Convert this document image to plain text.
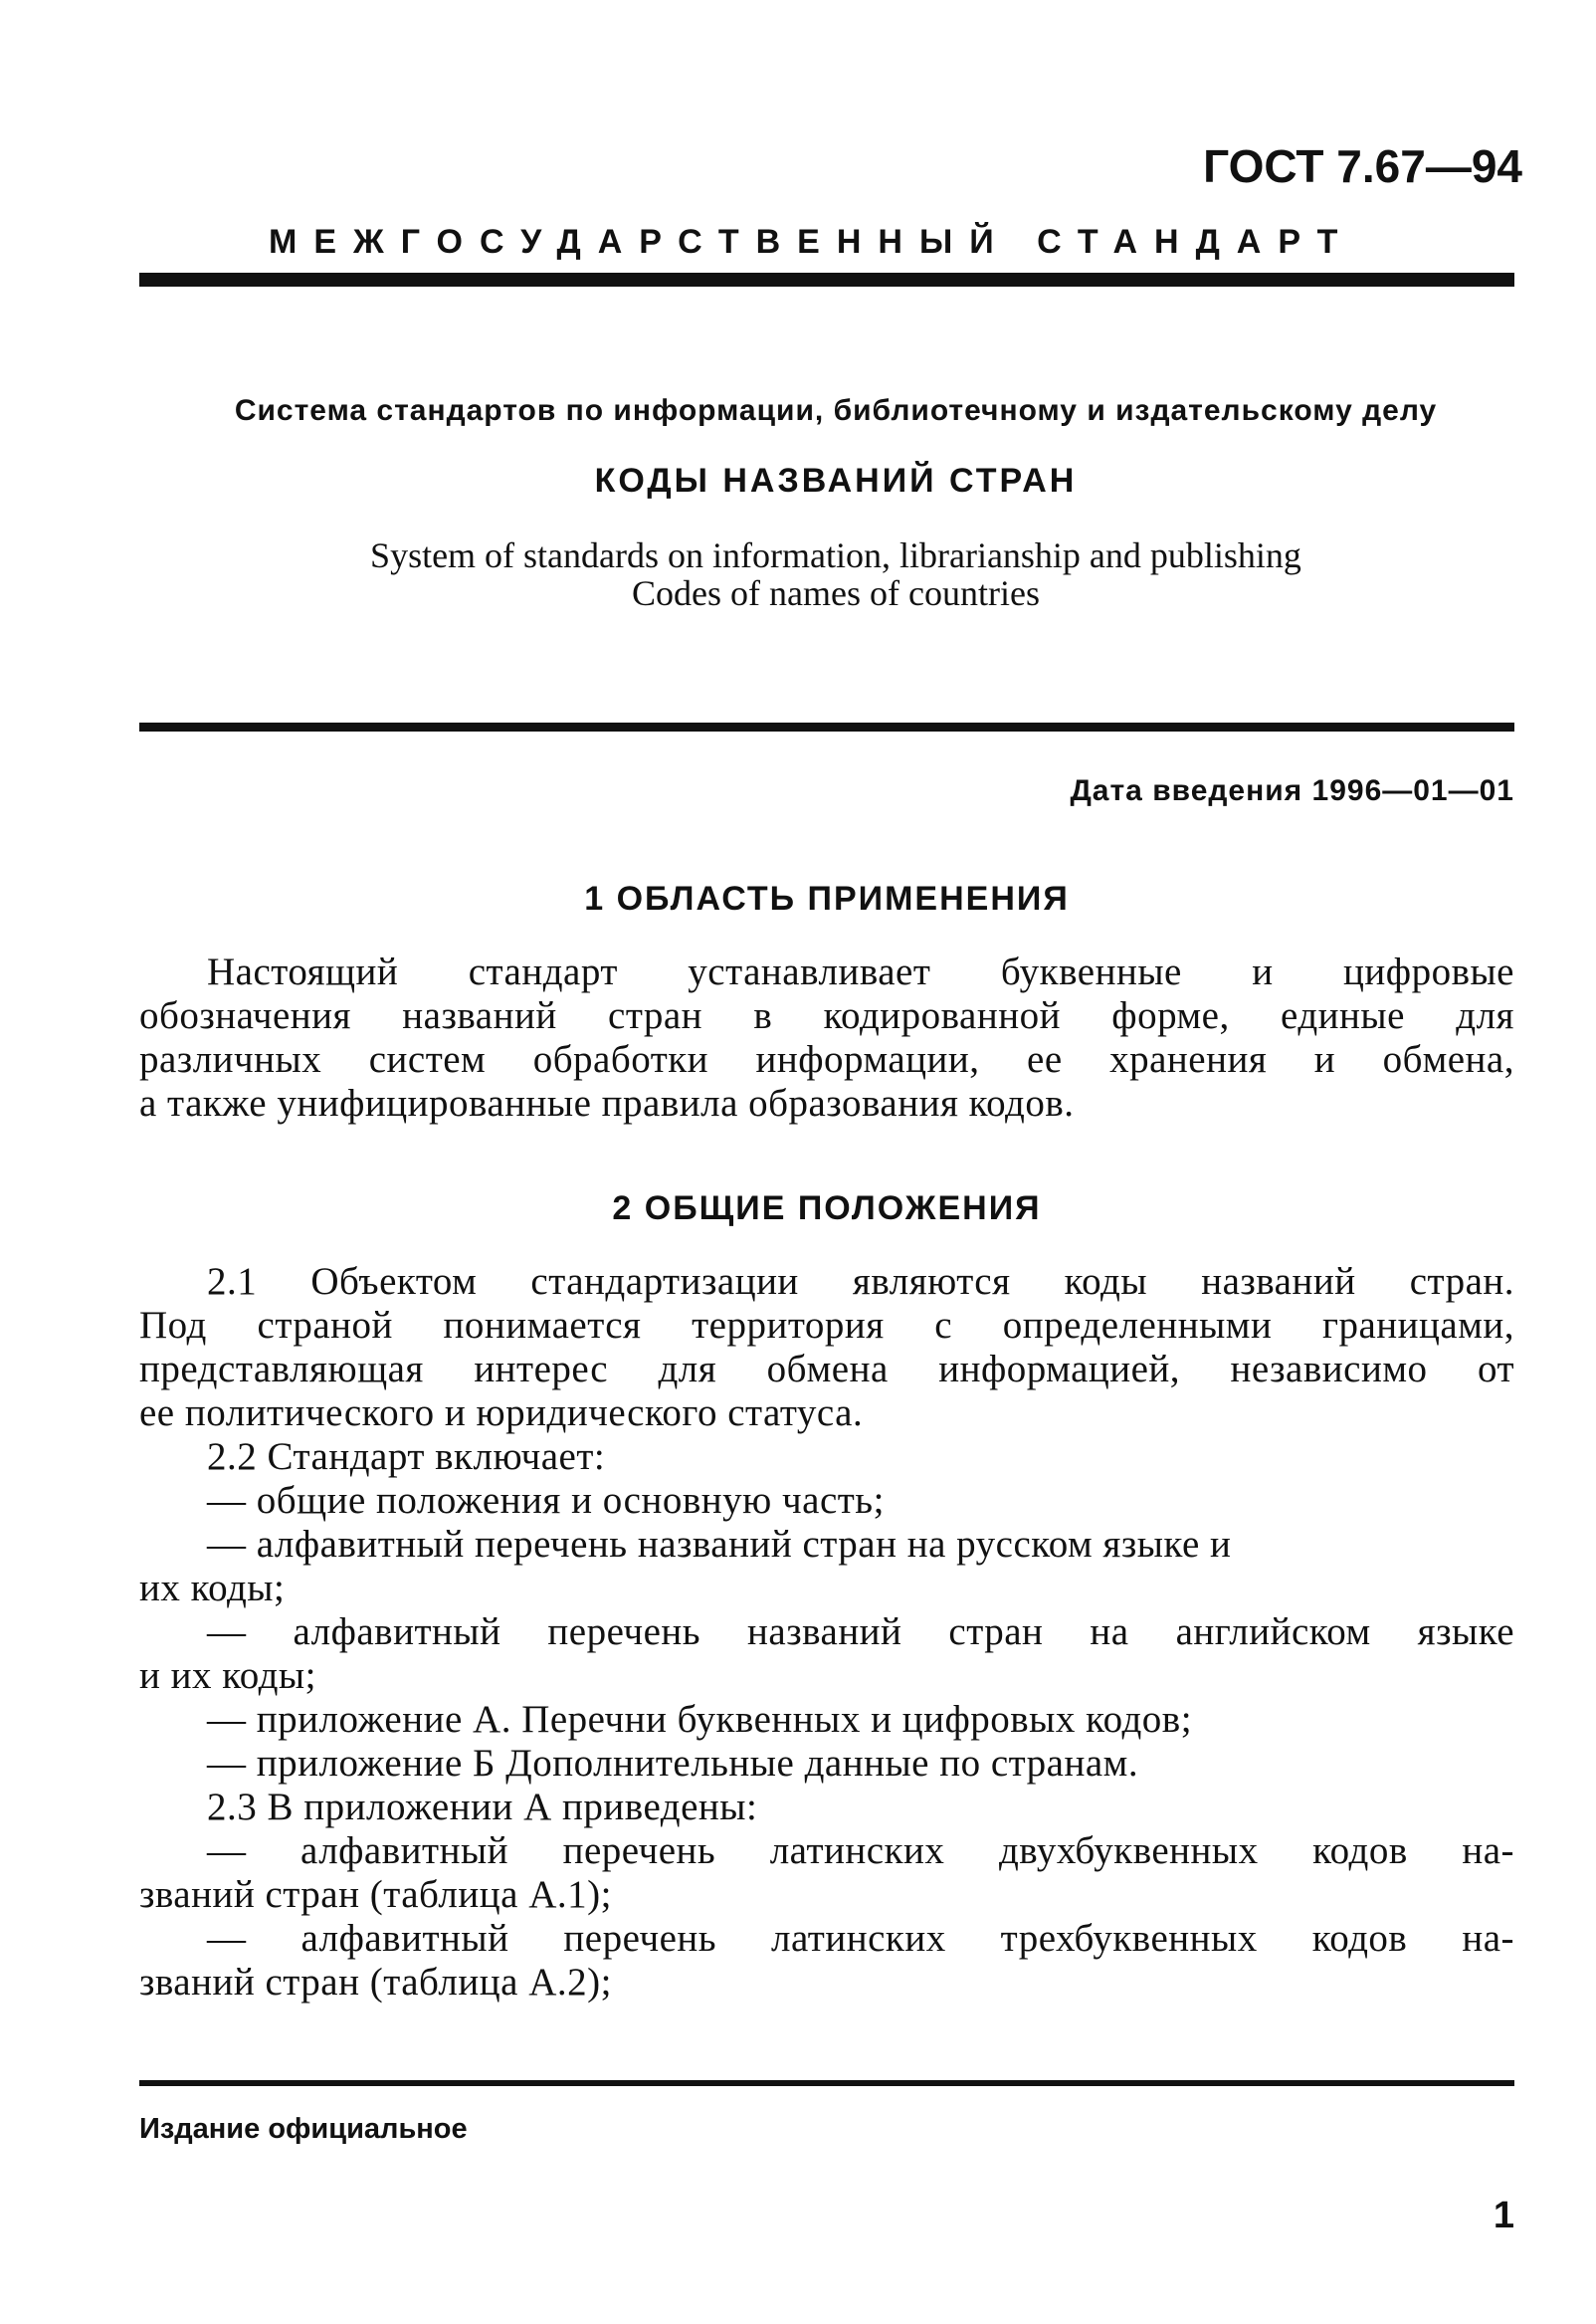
ГОСТ 7.67—94
МЕЖГОСУДАРСТВЕННЫЙ СТАНДАРТ
Система стандартов по информации, библиотечному и издательскому делу
КОДЫ НАЗВАНИЙ СТРАН
System of standards on information, librarianship and publishing
Codes of names of countries
Дата введения 1996—01—01
1 ОБЛАСТЬ ПРИМЕНЕНИЯ
Настоящий стандарт устанавливает буквенные и цифровые
обозначения названий стран в кодированной форме, единые для
различных систем обработки информации, ее хранения и обмена,
а также унифицированные правила образования кодов.
2 ОБЩИЕ ПОЛОЖЕНИЯ
2.1 Объектом стандартизации являются коды названий стран.
Под страной понимается территория с определенными границами,
представляющая интерес для обмена информацией, независимо от
ее политического и юридического статуса.
2.2 Стандарт включает:
— общие положения и основную часть;
— алфавитный перечень названий стран на русском языке и
их коды;
— алфавитный перечень названий стран на английском языке
и их коды;
— приложение А. Перечни буквенных и цифровых кодов;
— приложение Б Дополнительные данные по странам.
2.3 В приложении А приведены:
— алфавитный перечень латинских двухбуквенных кодов на-
званий стран (таблица А.1);
— алфавитный перечень латинских трехбуквенных кодов на-
званий стран (таблица А.2);
Издание официальное
1
